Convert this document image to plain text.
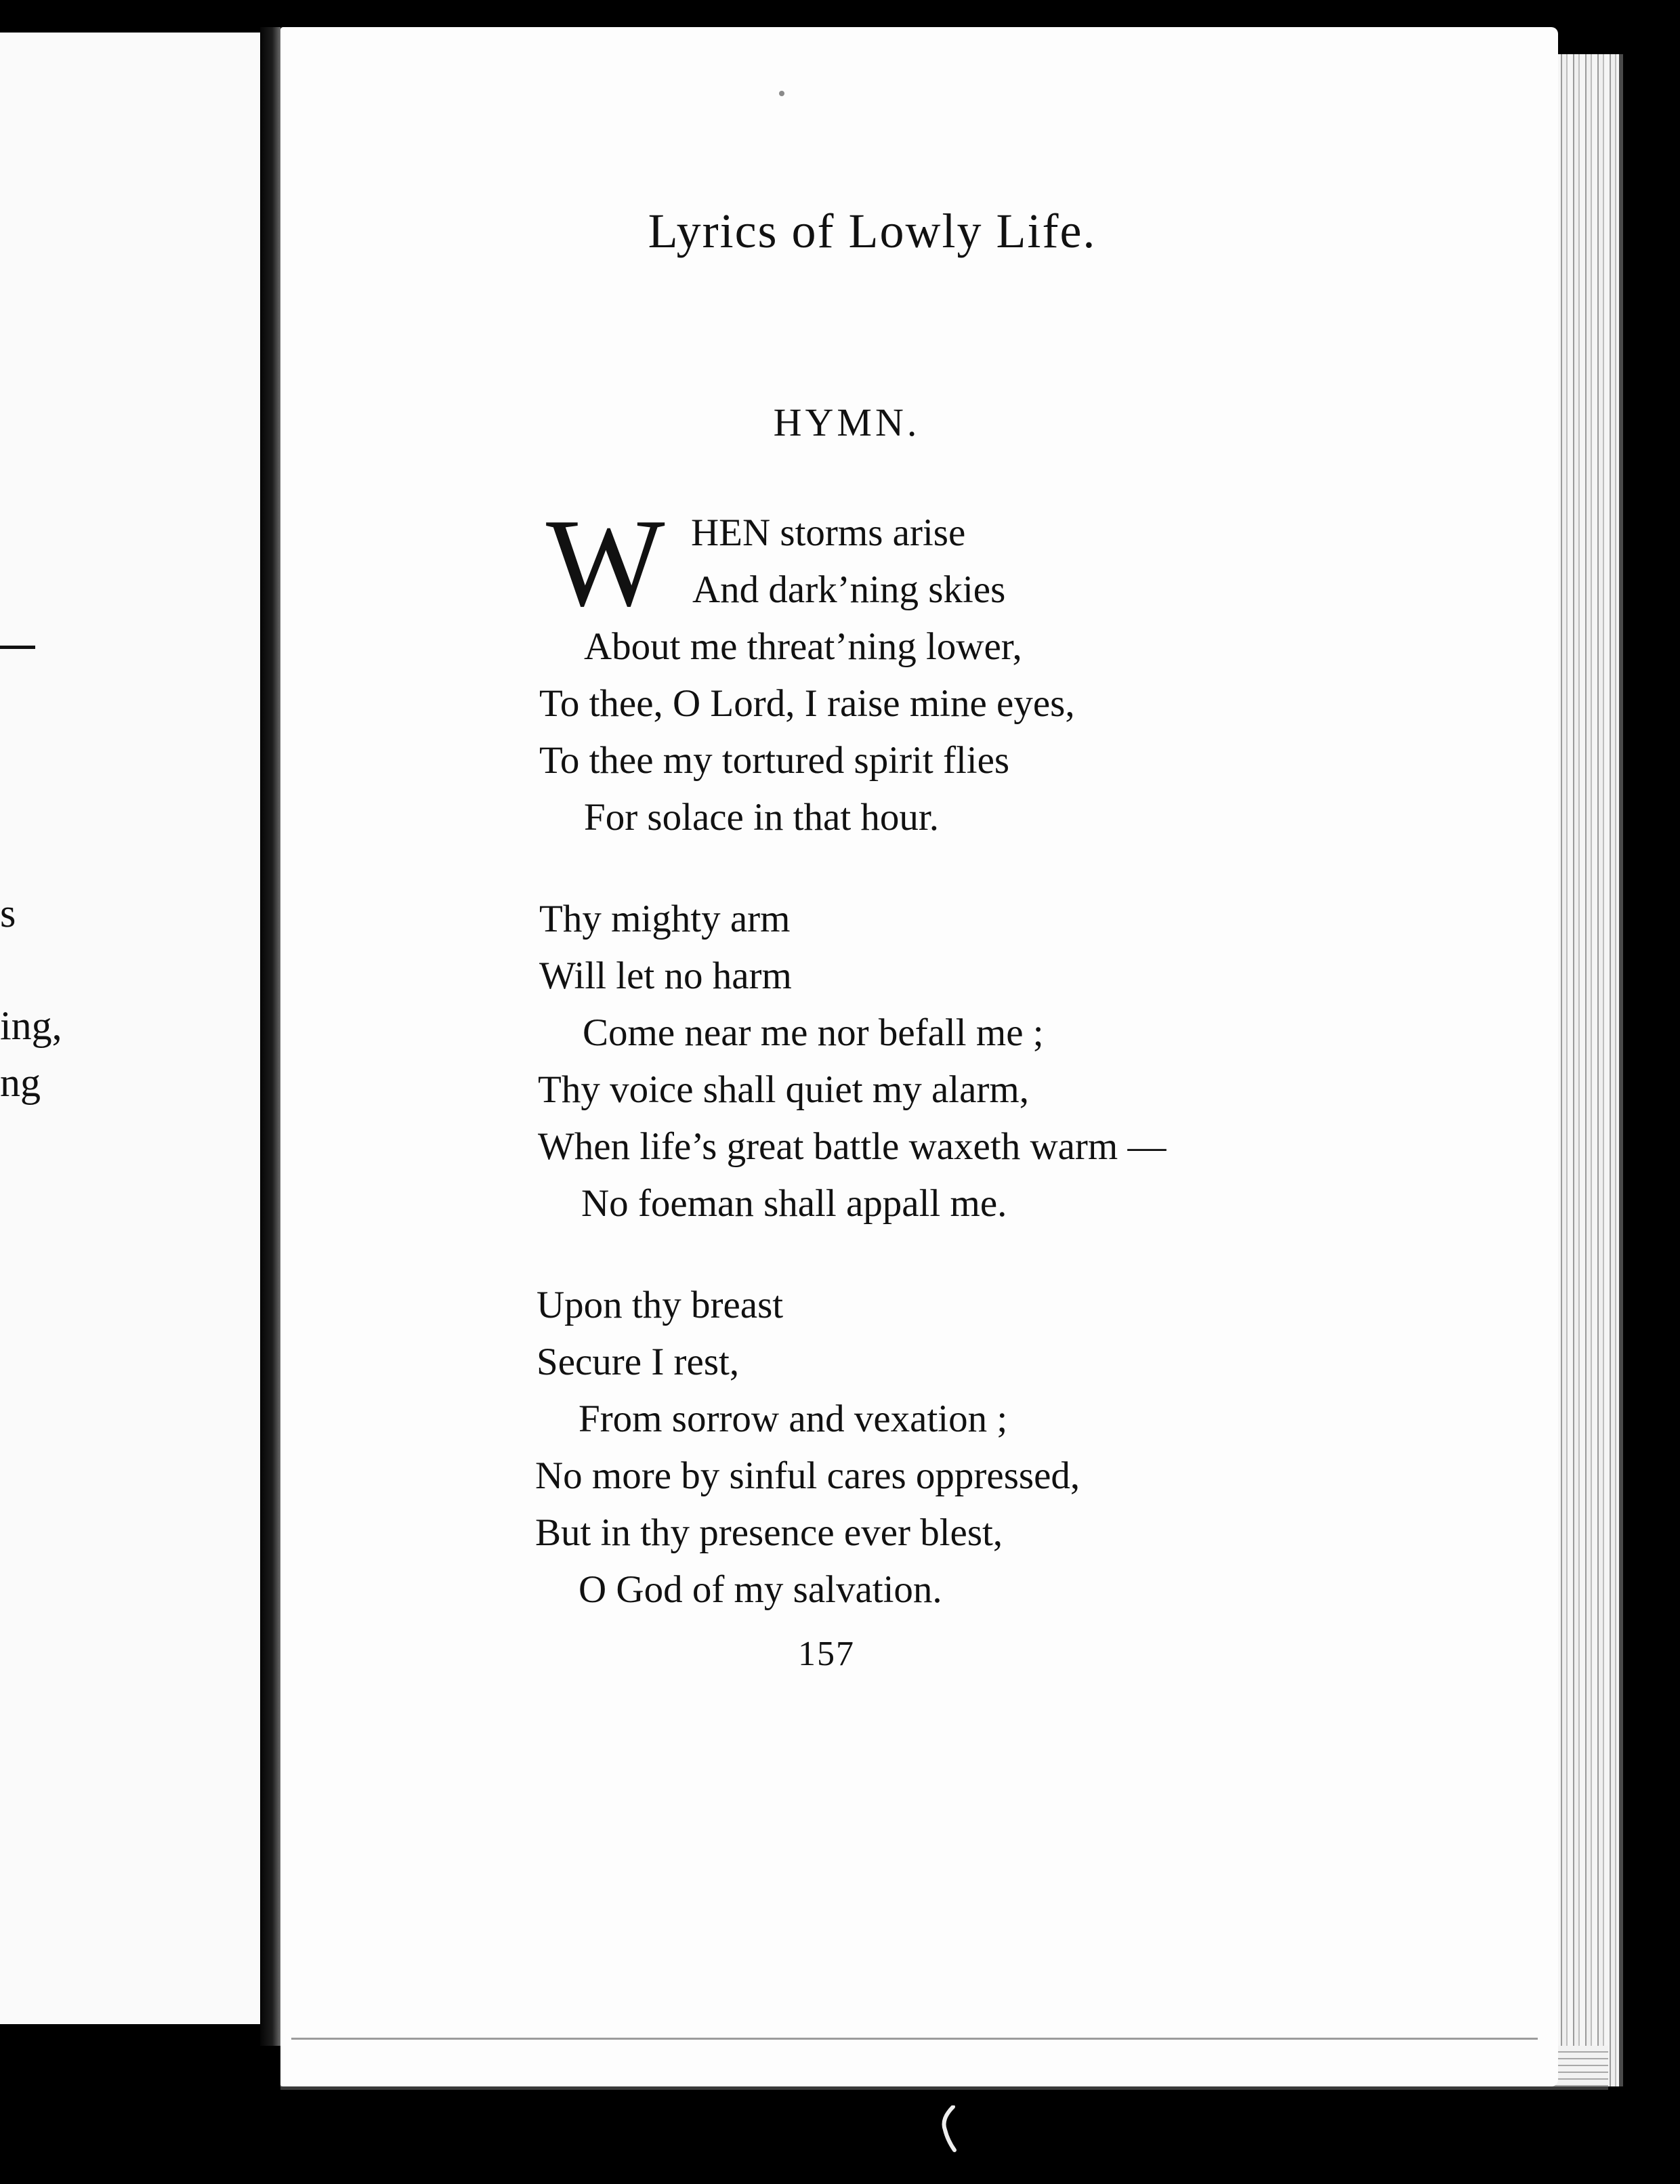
s
ing,
ng
Lyrics of Lowly Life.
HYMN.
W HEN storms arise
And dark’ning skies
About me threat’ning lower,
To thee, O Lord, I raise mine eyes,
To thee my tortured spirit flies
For solace in that hour.
Thy mighty arm
Will let no harm
Come near me nor befall me ;
Thy voice shall quiet my alarm,
When life’s great battle waxeth warm —
No foeman shall appall me.
Upon thy breast
Secure I rest,
From sorrow and vexation ;
No more by sinful cares oppressed,
But in thy presence ever blest,
O God of my salvation.
157
